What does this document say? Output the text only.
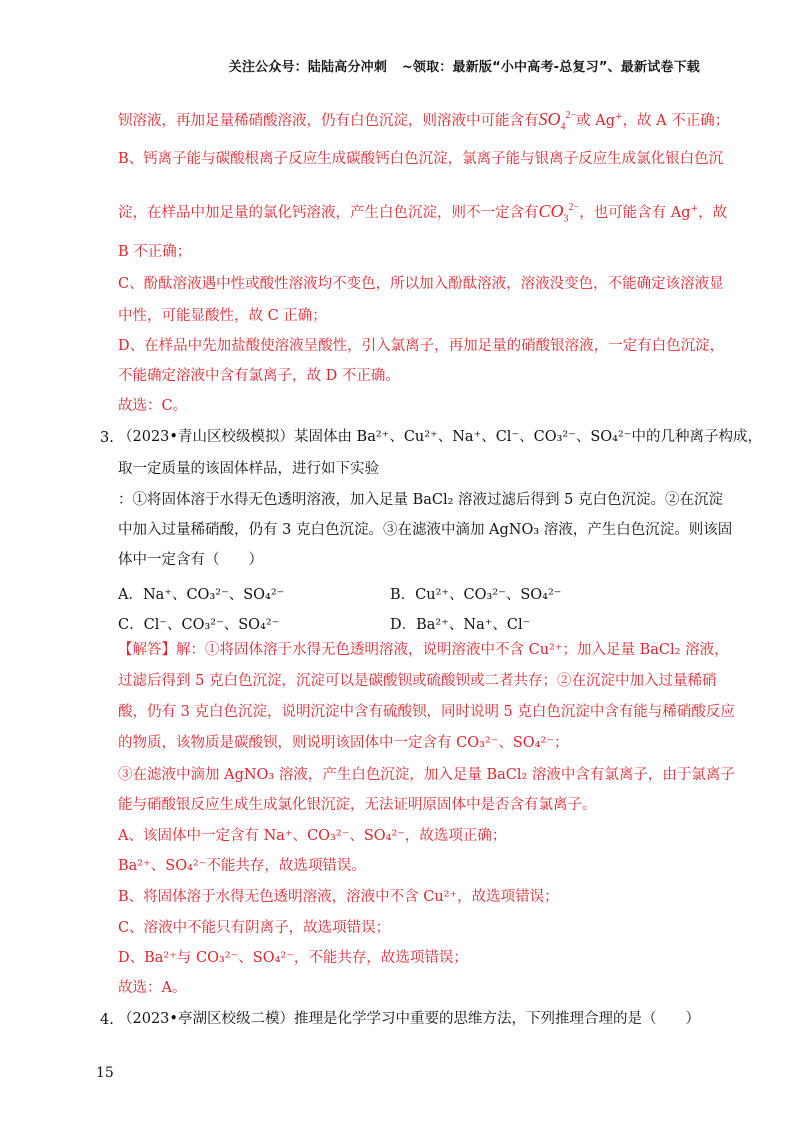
关注公众号：陆陆高分冲刺 ~领取：最新版“小中高考-总复习”、最新试卷下载
钡溶液，再加足量稀硝酸溶液，仍有白色沉淀，则溶液中可能含有$SO_4^{2-}$或 Ag+，故 A 不正确；
B、钙离子能与碳酸根离子反应生成碳酸钙白色沉淀，氯离子能与银离子反应生成氯化银白色沉
淀，在样品中加足量的氯化钙溶液，产生白色沉淀，则不一定含有$CO_3^{2-}$，也可能含有 Ag+，故
B 不正确；
C、酚酞溶液遇中性或酸性溶液均不变色，所以加入酚酞溶液，溶液没变色，不能确定该溶液显
中性，可能显酸性，故 C 正确；
D、在样品中先加盐酸使溶液呈酸性，引入氯离子，再加足量的硝酸银溶液，一定有白色沉淀，
不能确定溶液中含有氯离子，故 D 不正确。
故选：C。
3. （2023•青山区校级模拟）某固体由 Ba²⁺、Cu²⁺、Na⁺、Cl⁻、CO₃²⁻、SO₄²⁻中的几种离子构成，
取一定质量的该固体样品，进行如下实验
：①将固体溶于水得无色透明溶液，加入足量 BaCl₂ 溶液过滤后得到 5 克白色沉淀。②在沉淀
中加入过量稀硝酸，仍有 3 克白色沉淀。③在滤液中滴加 AgNO₃ 溶液，产生白色沉淀。则该固
体中一定含有（　　）
A．Na⁺、CO₃²⁻、SO₄²⁻	B．Cu²⁺、CO₃²⁻、SO₄²⁻
C．Cl⁻、CO₃²⁻、SO₄²⁻	D．Ba²⁺、Na⁺、Cl⁻
【解答】解：①将固体溶于水得无色透明溶液，说明溶液中不含 Cu²⁺；加入足量 BaCl₂ 溶液，
过滤后得到 5 克白色沉淀，沉淀可以是碳酸钡或硫酸钡或二者共存；②在沉淀中加入过量稀硝
酸，仍有 3 克白色沉淀，说明沉淀中含有硫酸钡，同时说明 5 克白色沉淀中含有能与稀硝酸反应
的物质，该物质是碳酸钡，则说明该固体中一定含有 CO₃²⁻、SO₄²⁻；
③在滤液中滴加 AgNO₃ 溶液，产生白色沉淀，加入足量 BaCl₂ 溶液中含有氯离子，由于氯离子
能与硝酸银反应生成生成氯化银沉淀，无法证明原固体中是否含有氯离子。
A、该固体中一定含有 Na⁺、CO₃²⁻、SO₄²⁻，故选项正确；
Ba²⁺、SO₄²⁻不能共存，故选项错误。
B、将固体溶于水得无色透明溶液，溶液中不含 Cu²⁺，故选项错误；
C、溶液中不能只有阴离子，故选项错误；
D、Ba²⁺与 CO₃²⁻、SO₄²⁻，不能共存，故选项错误；
故选：A。
4. （2023•亭湖区校级二模）推理是化学学习中重要的思维方法，下列推理合理的是（　　）
15
